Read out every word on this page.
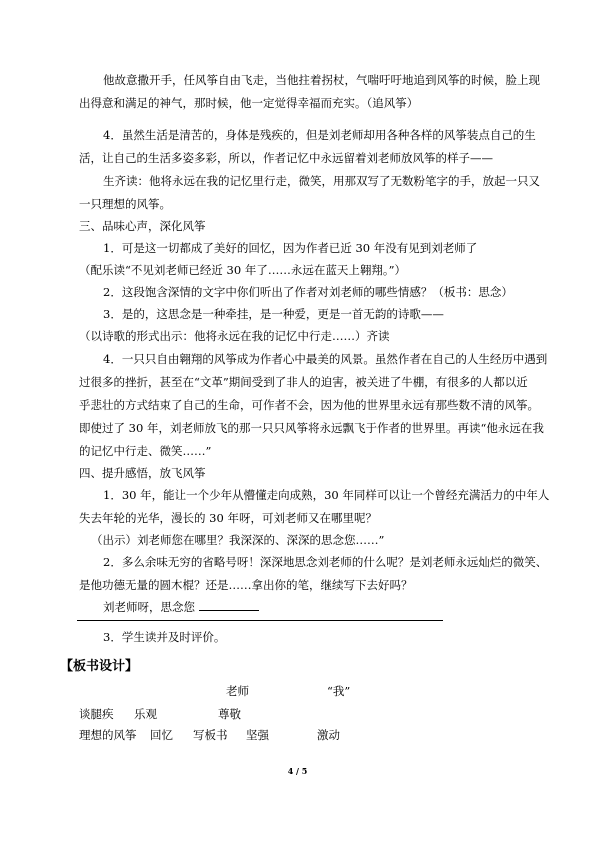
他故意撒开手，任风筝自由飞走，当他拄着拐杖，气喘吁吁地追到风筝的时候，脸上现
出得意和满足的神气，那时候，他一定觉得幸福而充实。（追风筝）
4．虽然生活是清苦的，身体是残疾的，但是刘老师却用各种各样的风筝装点自己的生
活，让自己的生活多姿多彩，所以，作者记忆中永远留着刘老师放风筝的样子——
生齐读：他将永远在我的记忆里行走，微笑，用那双写了无数粉笔字的手，放起一只又
一只理想的风筝。
三、品味心声，深化风筝
1．可是这一切都成了美好的回忆，因为作者已近 30 年没有见到刘老师了
（配乐读“不见刘老师已经近 30 年了……永远在蓝天上翱翔。”）
2．这段饱含深情的文字中你们听出了作者对刘老师的哪些情感？（板书：思念）
3．是的，这思念是一种牵挂，是一种爱，更是一首无韵的诗歌——
（以诗歌的形式出示：他将永远在我的记忆中行走……）齐读
4．一只只自由翱翔的风筝成为作者心中最美的风景。虽然作者在自己的人生经历中遇到
过很多的挫折，甚至在“文革”期间受到了非人的迫害，被关进了牛棚，有很多的人都以近
乎悲壮的方式结束了自己的生命，可作者不会，因为他的世界里永远有那些数不清的风筝。
即使过了 30 年，刘老师放飞的那一只只风筝将永远飘飞于作者的世界里。再读“他永远在我
的记忆中行走、微笑……”
四、提升感悟，放飞风筝
1．30 年，能让一个少年从懵懂走向成熟，30 年同样可以让一个曾经充满活力的中年人
失去年轮的光华，漫长的 30 年呀，可刘老师又在哪里呢？
（出示）刘老师您在哪里？我深深的、深深的思念您……”
2．多么余味无穷的省略号呀！深深地思念刘老师的什么呢？是刘老师永远灿烂的微笑、
是他功德无量的圆木棍？还是……拿出你的笔，继续写下去好吗？
刘老师呀，思念您
3．学生读并及时评价。
【板书设计】
老师	“我”
谈腿疾 乐观	尊敬
理想的风筝 回忆 写板书 坚强	激动
4 / 5
